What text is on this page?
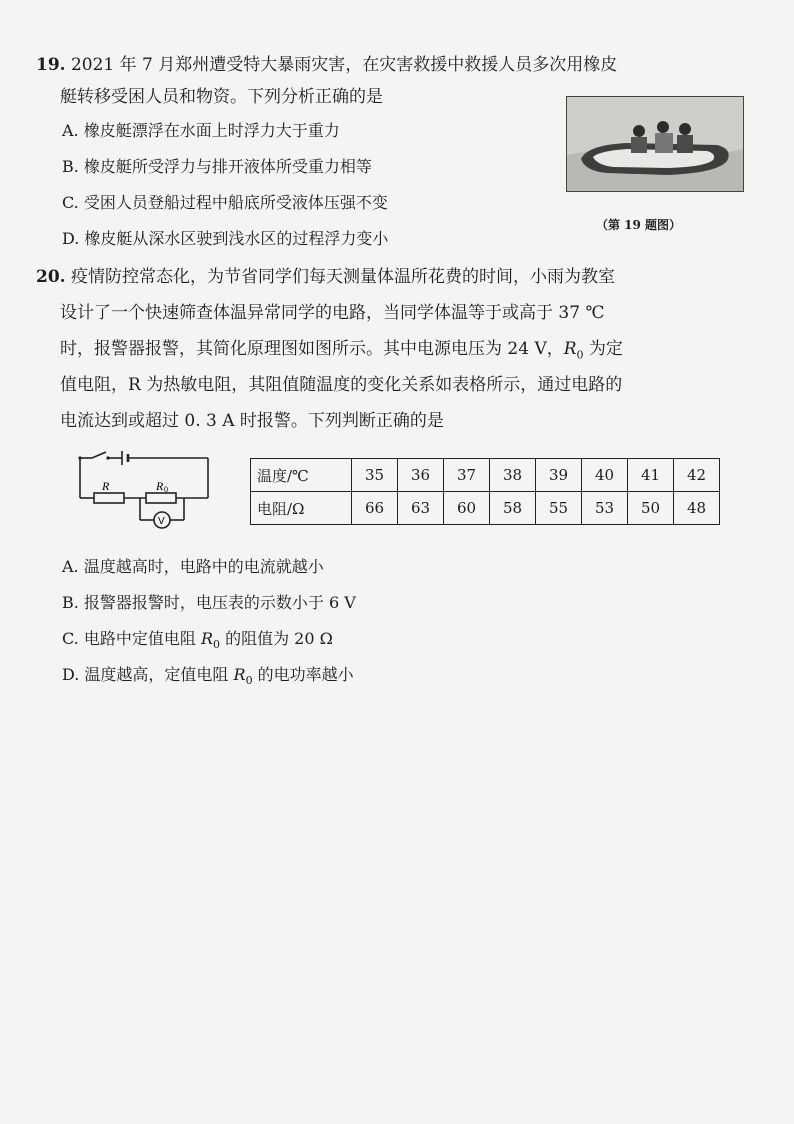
19. 2021 年 7 月郑州遭受特大暴雨灾害，在灾害救援中救援人员多次用橡皮
艇转移受困人员和物资。下列分析正确的是
A. 橡皮艇漂浮在水面上时浮力大于重力
B. 橡皮艇所受浮力与排开液体所受重力相等
C. 受困人员登船过程中船底所受液体压强不变
D. 橡皮艇从深水区驶到浅水区的过程浮力变小
（第 19 题图）
20. 疫情防控常态化，为节省同学们每天测量体温所花费的时间，小雨为教室
设计了一个快速筛查体温异常同学的电路，当同学体温等于或高于 37 ℃
时，报警器报警，其简化原理图如图所示。其中电源电压为 24 V，$R_0$ 为定
值电阻，R 为热敏电阻，其阻值随温度的变化关系如表格所示，通过电路的
电流达到或超过 0. 3 A 时报警。下列判断正确的是
R	R 0
V
温度/℃	35	36	37	38	39	40	41	42
电阻/Ω	66	63	60	58	55	53	50	48
A. 温度越高时，电路中的电流就越小
B. 报警器报警时，电压表的示数小于 6 V
C. 电路中定值电阻 $R_0$ 的阻值为 20 Ω
D. 温度越高，定值电阻 $R_0$ 的电功率越小
